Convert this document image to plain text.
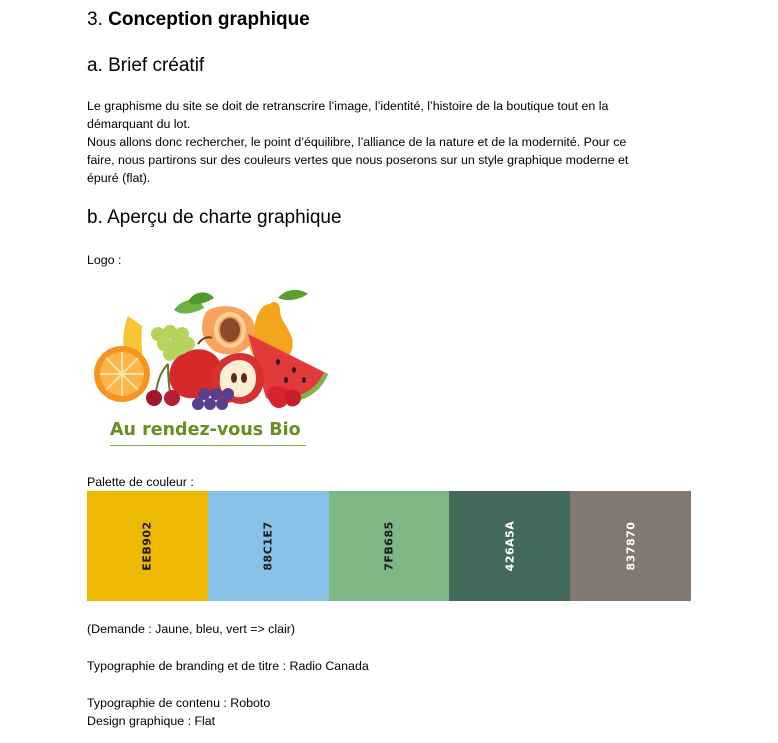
3. Conception graphique
a. Brief créatif
Le graphisme du site se doit de retranscrire l’image, l’identité, l’histoire de la boutique tout en la
démarquant du lot.
Nous allons donc rechercher, le point d’équilibre, l’alliance de la nature et de la modernité. Pour ce
faire, nous partirons sur des couleurs vertes que nous poserons sur un style graphique moderne et
épuré (flat).
b. Aperçu de charte graphique
Logo :
Au rendez-vous Bio
Palette de couleur :
EEB902	88C1E7	7FB685	426A5A	837870
(Demande : Jaune, bleu, vert => clair)
Typographie de branding et de titre : Radio Canada
Typographie de contenu : Roboto
Design graphique : Flat
